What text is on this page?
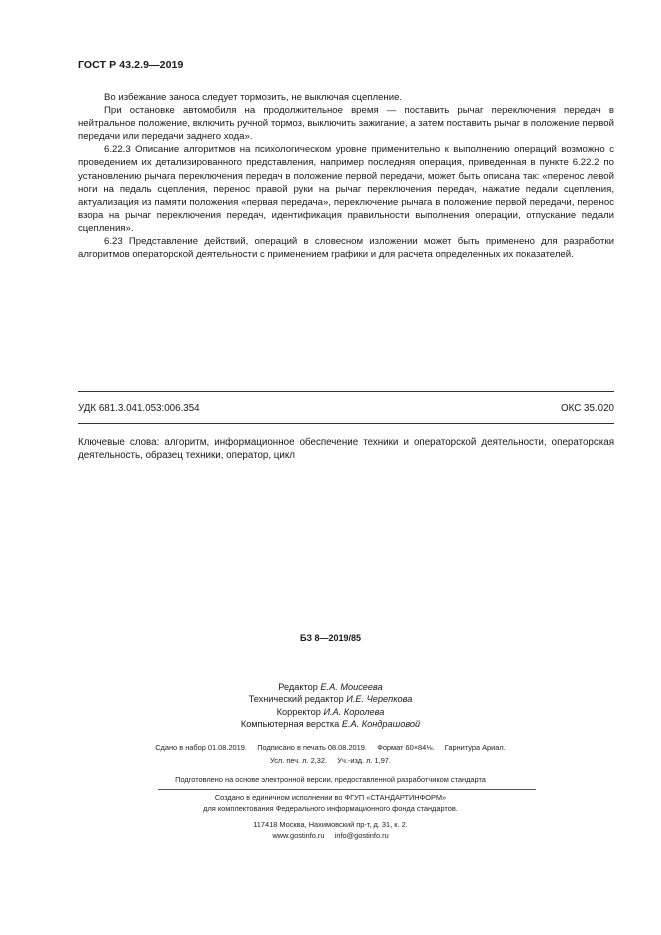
ГОСТ Р 43.2.9—2019

Во избежание заноса следует тормозить, не выключая сцепление.

При остановке автомобиля на продолжительное время — поставить рычаг переключения передач в нейтральное положение, включить ручной тормоз, выключить зажигание, а затем поставить рычаг в положение первой передачи или передачи заднего хода».

6.22.3 Описание алгоритмов на психологическом уровне применительно к выполнению операций возможно с проведением их детализированного представления, например последняя операция, приведенная в пункте 6.22.2 по установлению рычага переключения передач в положение первой передачи, может быть описана так: «перенос левой ноги на педаль сцепления, перенос правой руки на рычаг переключения передач, нажатие педали сцепления, актуализация из памяти положения «первая передача», переключение рычага в положение первой передачи, перенос взора на рычаг переключения передач, идентификация правильности выполнения операции, отпускание педали сцепления».

6.23 Представление действий, операций в словесном изложении может быть применено для разработки алгоритмов операторской деятельности с применением графики и для расчета определенных их показателей.

УДК 681.3.041.053:006.354	ОКС 35.020
Ключевые слова: алгоритм, информационное обеспечение техники и операторской деятельности, операторская деятельность, образец техники, оператор, цикл
БЗ 8—2019/85
Редактор Е.А. Моисеева
Технический редактор И.Е. Черепкова
Корректор И.А. Королева
Компьютерная верстка Е.А. Кондрашовой
Сдано в набор 01.08.2019.     Подписано в печать 08.08.2019.     Формат 60×84⅛.     Гарнитура Ариал.
Усл. печ. л. 2,32.     Уч.-изд. л. 1,97.
Подготовлено на основе электронной версии, предоставленной разработчиком стандарта
Создано в единичном исполнении во ФГУП «СТАНДАРТИНФОРМ»
для комплектования Федерального информационного фонда стандартов.
117418 Москва, Нахимовский пр-т, д. 31, к. 2.
www.gostinfo.ru     info@gostinfo.ru
